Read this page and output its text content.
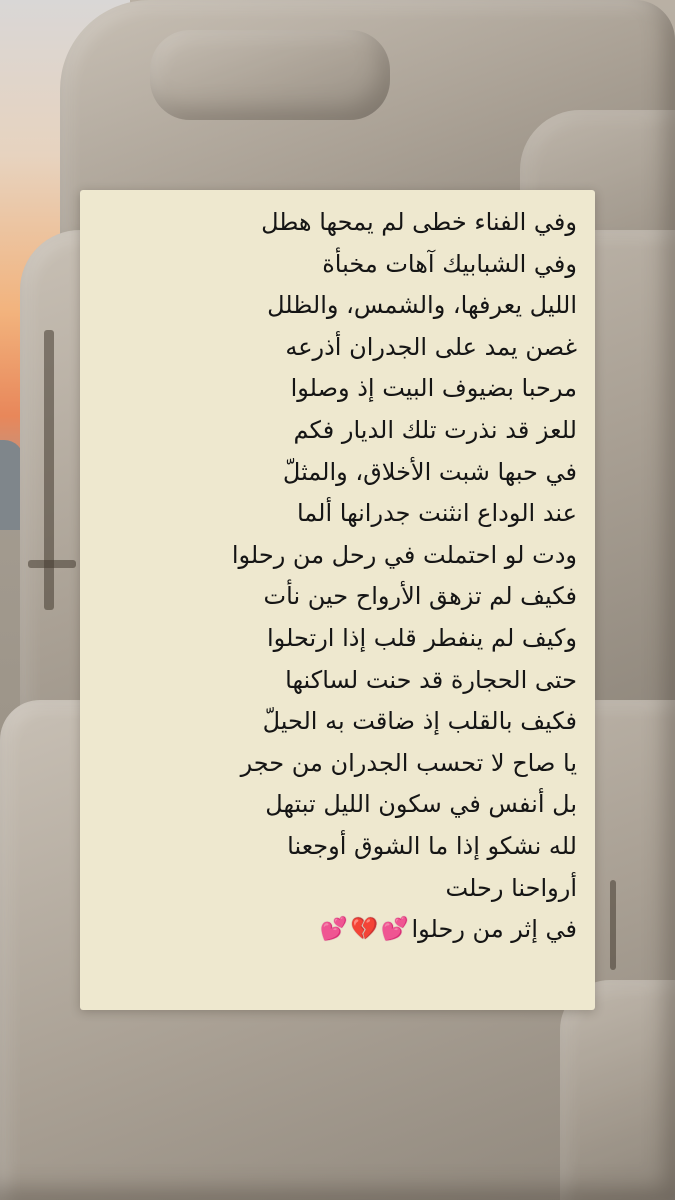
وفي الفناء خطى لم يمحها هطل
وفي الشبابيك آهات مخبأة
الليل يعرفها، والشمس، والظلل
غصن يمد على الجدران أذرعه
مرحبا بضيوف البيت إذ وصلوا
للعز قد نذرت تلك الديار فكم
في حبها شبت الأخلاق، والمثلّ
عند الوداع انثنت جدرانها ألما
ودت لو احتملت في رحل من رحلوا
فكيف لم تزهق الأرواح حين نأت
وكيف لم ينفطر قلب إذا ارتحلوا
حتى الحجارة قد حنت لساكنها
فكيف بالقلب إذ ضاقت به الحيلّ
يا صاح لا تحسب الجدران من حجر
بل أنفس في سكون الليل تبتهل
لله نشكو إذا ما الشوق أوجعنا
أرواحنا رحلت
في إثر من رحلوا
💕
💔
💕
